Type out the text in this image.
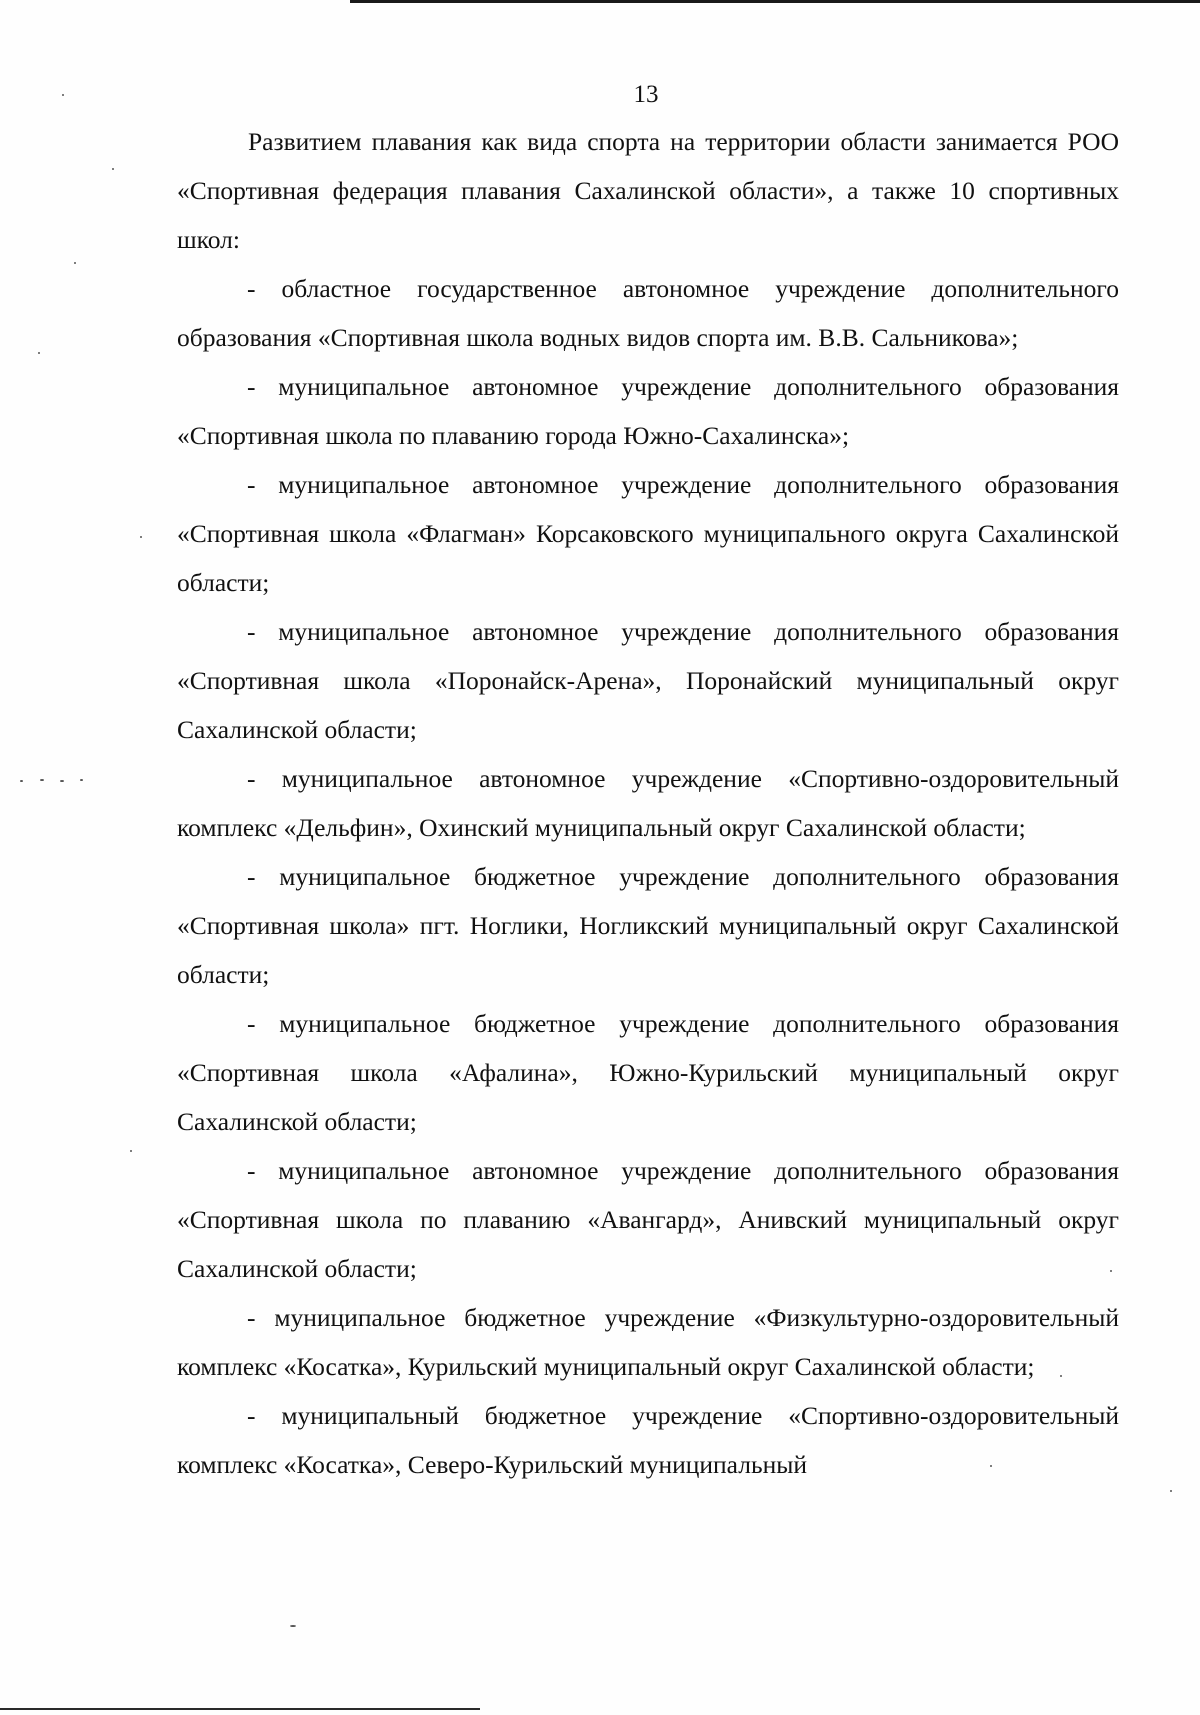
13

Развитием плавания как вида спорта на территории области занимается РОО «Спортивная федерация плавания Сахалинской области», а также 10 спортивных школ:

- областное государственное автономное учреждение дополнительного образования «Спортивная школа водных видов спорта им. В.В. Сальникова»;

- муниципальное автономное учреждение дополнительного образования «Спортивная школа по плаванию города Южно-Сахалинска»;

- муниципальное автономное учреждение дополнительного образования «Спортивная школа «Флагман» Корсаковского муниципального округа Сахалинской области;

- муниципальное автономное учреждение дополнительного образования «Спортивная школа «Поронайск-Арена», Поронайский муниципальный округ Сахалинской области;

- муниципальное автономное учреждение «Спортивно-оздоровительный комплекс «Дельфин», Охинский муниципальный округ Сахалинской области;

- муниципальное бюджетное учреждение дополнительного образования «Спортивная школа» пгт. Ноглики, Ногликский муниципальный округ Сахалинской области;

- муниципальное бюджетное учреждение дополнительного образования «Спортивная школа «Афалина», Южно-Курильский муниципальный округ Сахалинской области;

- муниципальное автономное учреждение дополнительного образования «Спортивная школа по плаванию «Авангард», Анивский муниципальный округ Сахалинской области;

- муниципальное бюджетное учреждение «Физкультурно-оздоровительный комплекс «Косатка», Курильский муниципальный округ Сахалинской области;

- муниципальный бюджетное учреждение «Спортивно-оздоровительный комплекс «Косатка», Северо-Курильский муниципальный
